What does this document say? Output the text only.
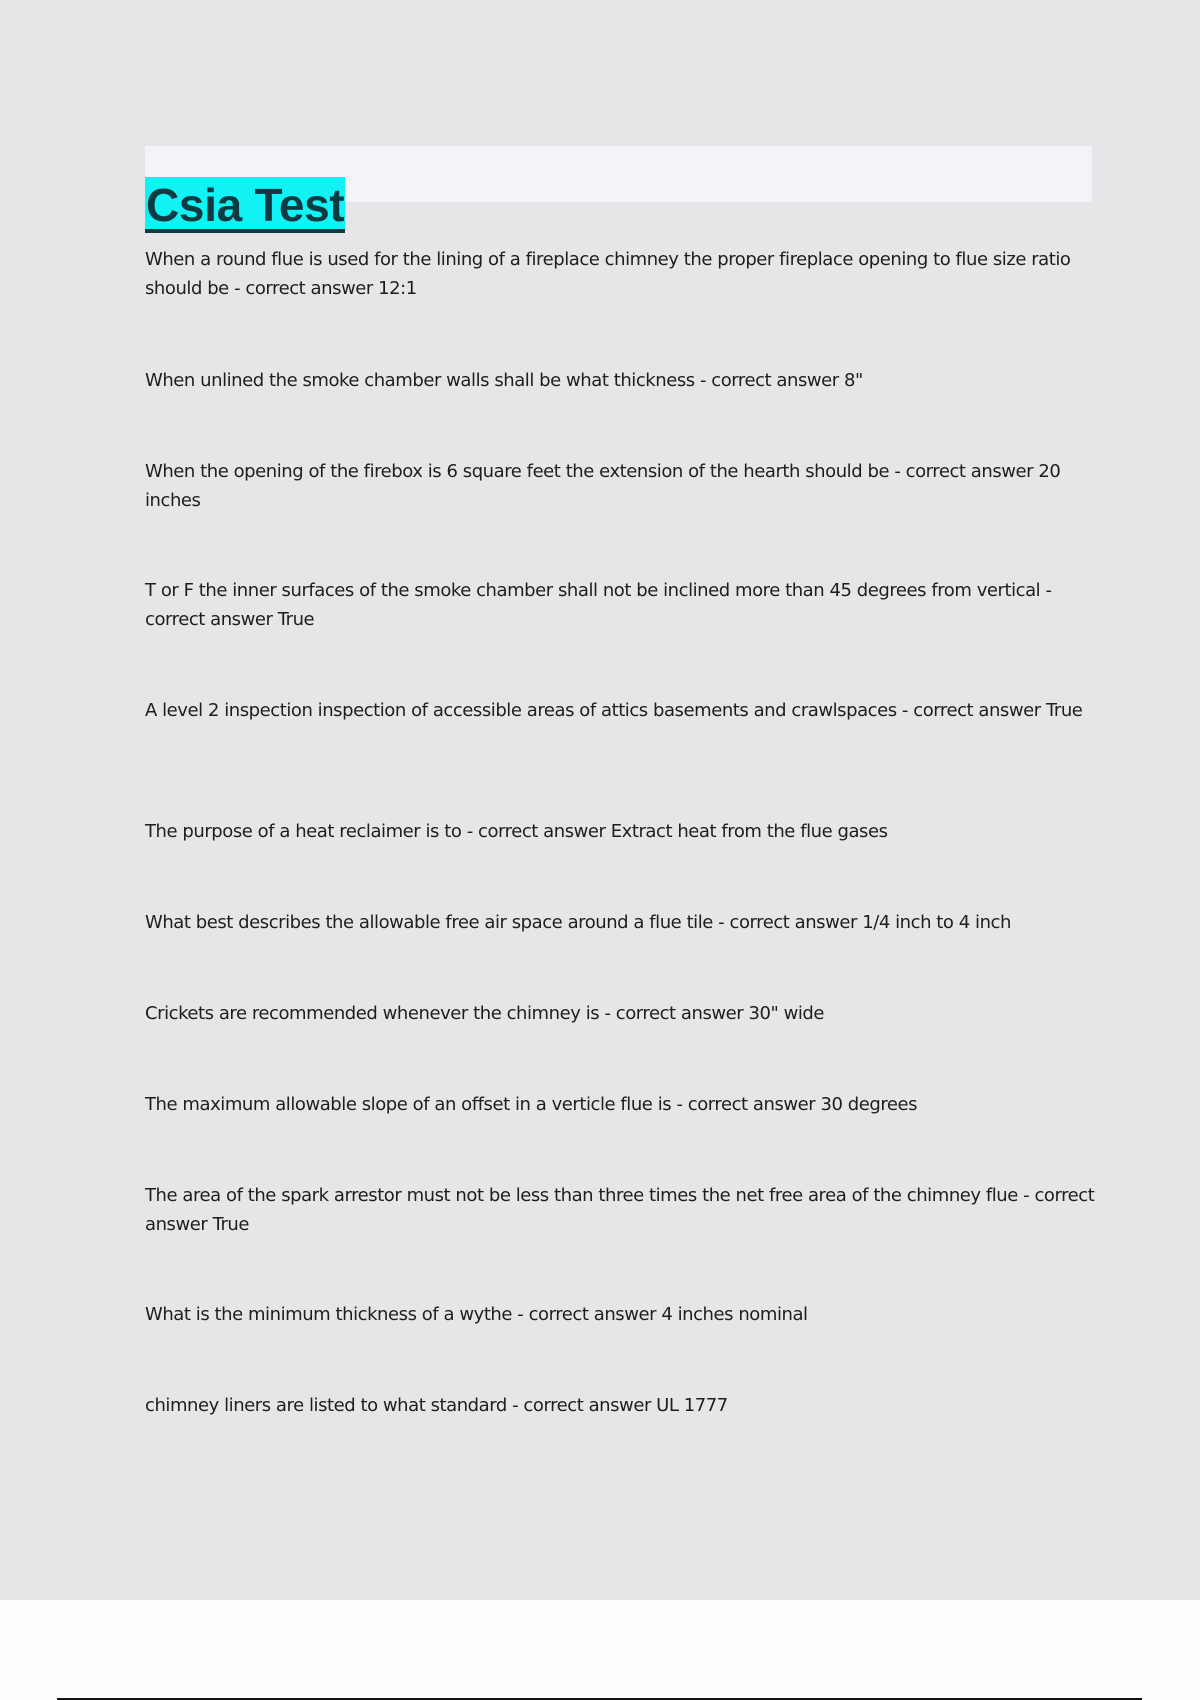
Csia Test
When a round flue is used for the lining of a fireplace chimney the proper fireplace opening to flue size ratio should be - correct answer 12:1
When unlined the smoke chamber walls shall be what thickness - correct answer 8"
When the opening of the firebox is 6 square feet the extension of the hearth should be - correct answer 20 inches
T or F the inner surfaces of the smoke chamber shall not be inclined more than 45 degrees from vertical - correct answer True
A level 2 inspection inspection of accessible areas of attics basements and crawlspaces - correct answer True
The purpose of a heat reclaimer is to - correct answer Extract heat from the flue gases
What best describes the allowable free air space around a flue tile - correct answer 1/4 inch to 4 inch
Crickets are recommended whenever the chimney is - correct answer 30" wide
The maximum allowable slope of an offset in a verticle flue is - correct answer 30 degrees
The area of the spark arrestor must not be less than three times the net free area of the chimney flue - correct answer True
What is the minimum thickness of a wythe - correct answer 4 inches nominal
chimney liners are listed to what standard - correct answer UL 1777
